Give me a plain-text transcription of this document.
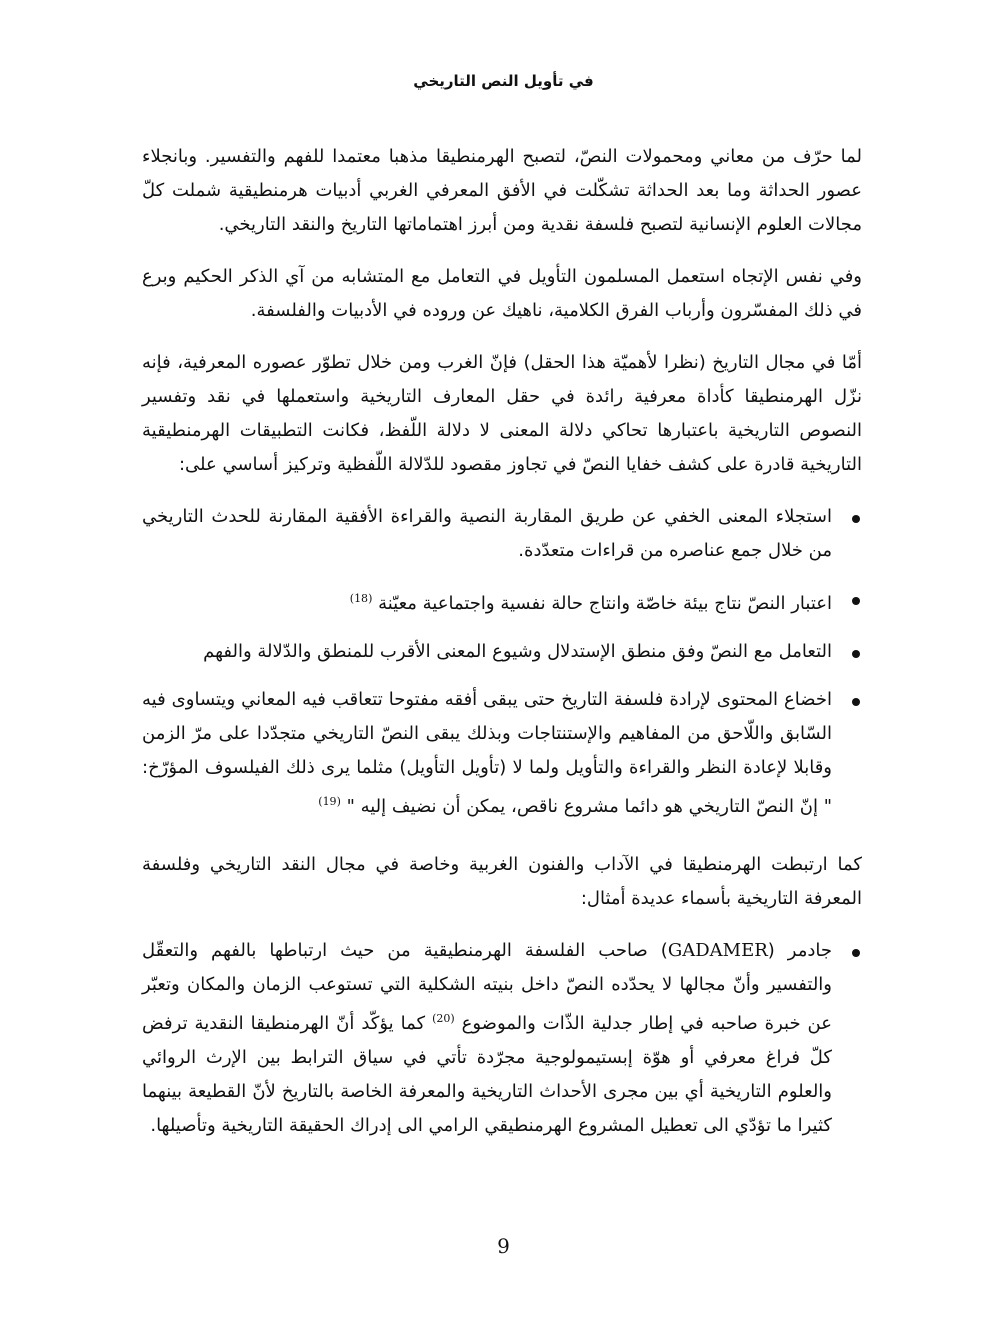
في تأويل النص التاريخي

لما حرّف من معاني ومحمولات النصّ، لتصبح الهرمنطيقا مذهبا معتمدا للفهم والتفسير. وبانجلاء عصور الحداثة وما بعد الحداثة تشكّلت في الأفق المعرفي الغربي أدبيات هرمنطيقية شملت كلّ مجالات العلوم الإنسانية لتصبح فلسفة نقدية ومن أبرز اهتماماتها التاريخ والنقد التاريخي.

وفي نفس الإتجاه استعمل المسلمون التأويل في التعامل مع المتشابه من آي الذكر الحكيم وبرع في ذلك المفسّرون وأرباب الفرق الكلامية، ناهيك عن وروده في الأدبيات والفلسفة.

أمّا في مجال التاريخ (نظرا لأهميّة هذا الحقل) فإنّ الغرب ومن خلال تطوّر عصوره المعرفية، فإنه نزّل الهرمنطيقا كأداة معرفية رائدة في حقل المعارف التاريخية واستعملها في نقد وتفسير النصوص التاريخية باعتبارها تحاكي دلالة المعنى لا دلالة اللّفظ، فكانت التطبيقات الهرمنطيقية التاريخية قادرة على كشف خفايا النصّ في تجاوز مقصود للدّلالة اللّفظية وتركيز أساسي على:

استجلاء المعنى الخفي عن طريق المقاربة النصية والقراءة الأفقية المقارنة للحدث التاريخي من خلال جمع عناصره من قراءات متعدّدة.
اعتبار النصّ نتاج بيئة خاصّة وانتاج حالة نفسية واجتماعية معيّنة $^{(18)}$
التعامل مع النصّ وفق منطق الإستدلال وشيوع المعنى الأقرب للمنطق والدّلالة والفهم
اخضاع المحتوى لإرادة فلسفة التاريخ حتى يبقى أفقه مفتوحا تتعاقب فيه المعاني ويتساوى فيه السّابق واللّاحق من المفاهيم والإستنتاجات وبذلك يبقى النصّ التاريخي متجدّدا على مرّ الزمن وقابلا لإعادة النظر والقراءة والتأويل ولما لا (تأويل التأويل) مثلما يرى ذلك الفيلسوف المؤرّخ: " إنّ النصّ التاريخي هو دائما مشروع ناقص، يمكن أن نضيف إليه " $^{(19)}$

كما ارتبطت الهرمنطيقا في الآداب والفنون الغربية وخاصة في مجال النقد التاريخي وفلسفة المعرفة التاريخية بأسماء عديدة أمثال:

جادمر (GADAMER) صاحب الفلسفة الهرمنطيقية من حيث ارتباطها بالفهم والتعقّل والتفسير وأنّ مجالها لا يحدّده النصّ داخل بنيته الشكلية التي تستوعب الزمان والمكان وتعبّر عن خبرة صاحبه في إطار جدلية الذّات والموضوع $^{(20)}$ كما يؤكّد أنّ الهرمنطيقا النقدية ترفض كلّ فراغ معرفي أو هوّة إبستيمولوجية مجرّدة تأتي في سياق الترابط بين الإرث الروائي والعلوم التاريخية أي بين مجرى الأحداث التاريخية والمعرفة الخاصة بالتاريخ لأنّ القطيعة بينهما كثيرا ما تؤدّي الى تعطيل المشروع الهرمنطيقي الرامي الى إدراك الحقيقة التاريخية وتأصيلها.
9
